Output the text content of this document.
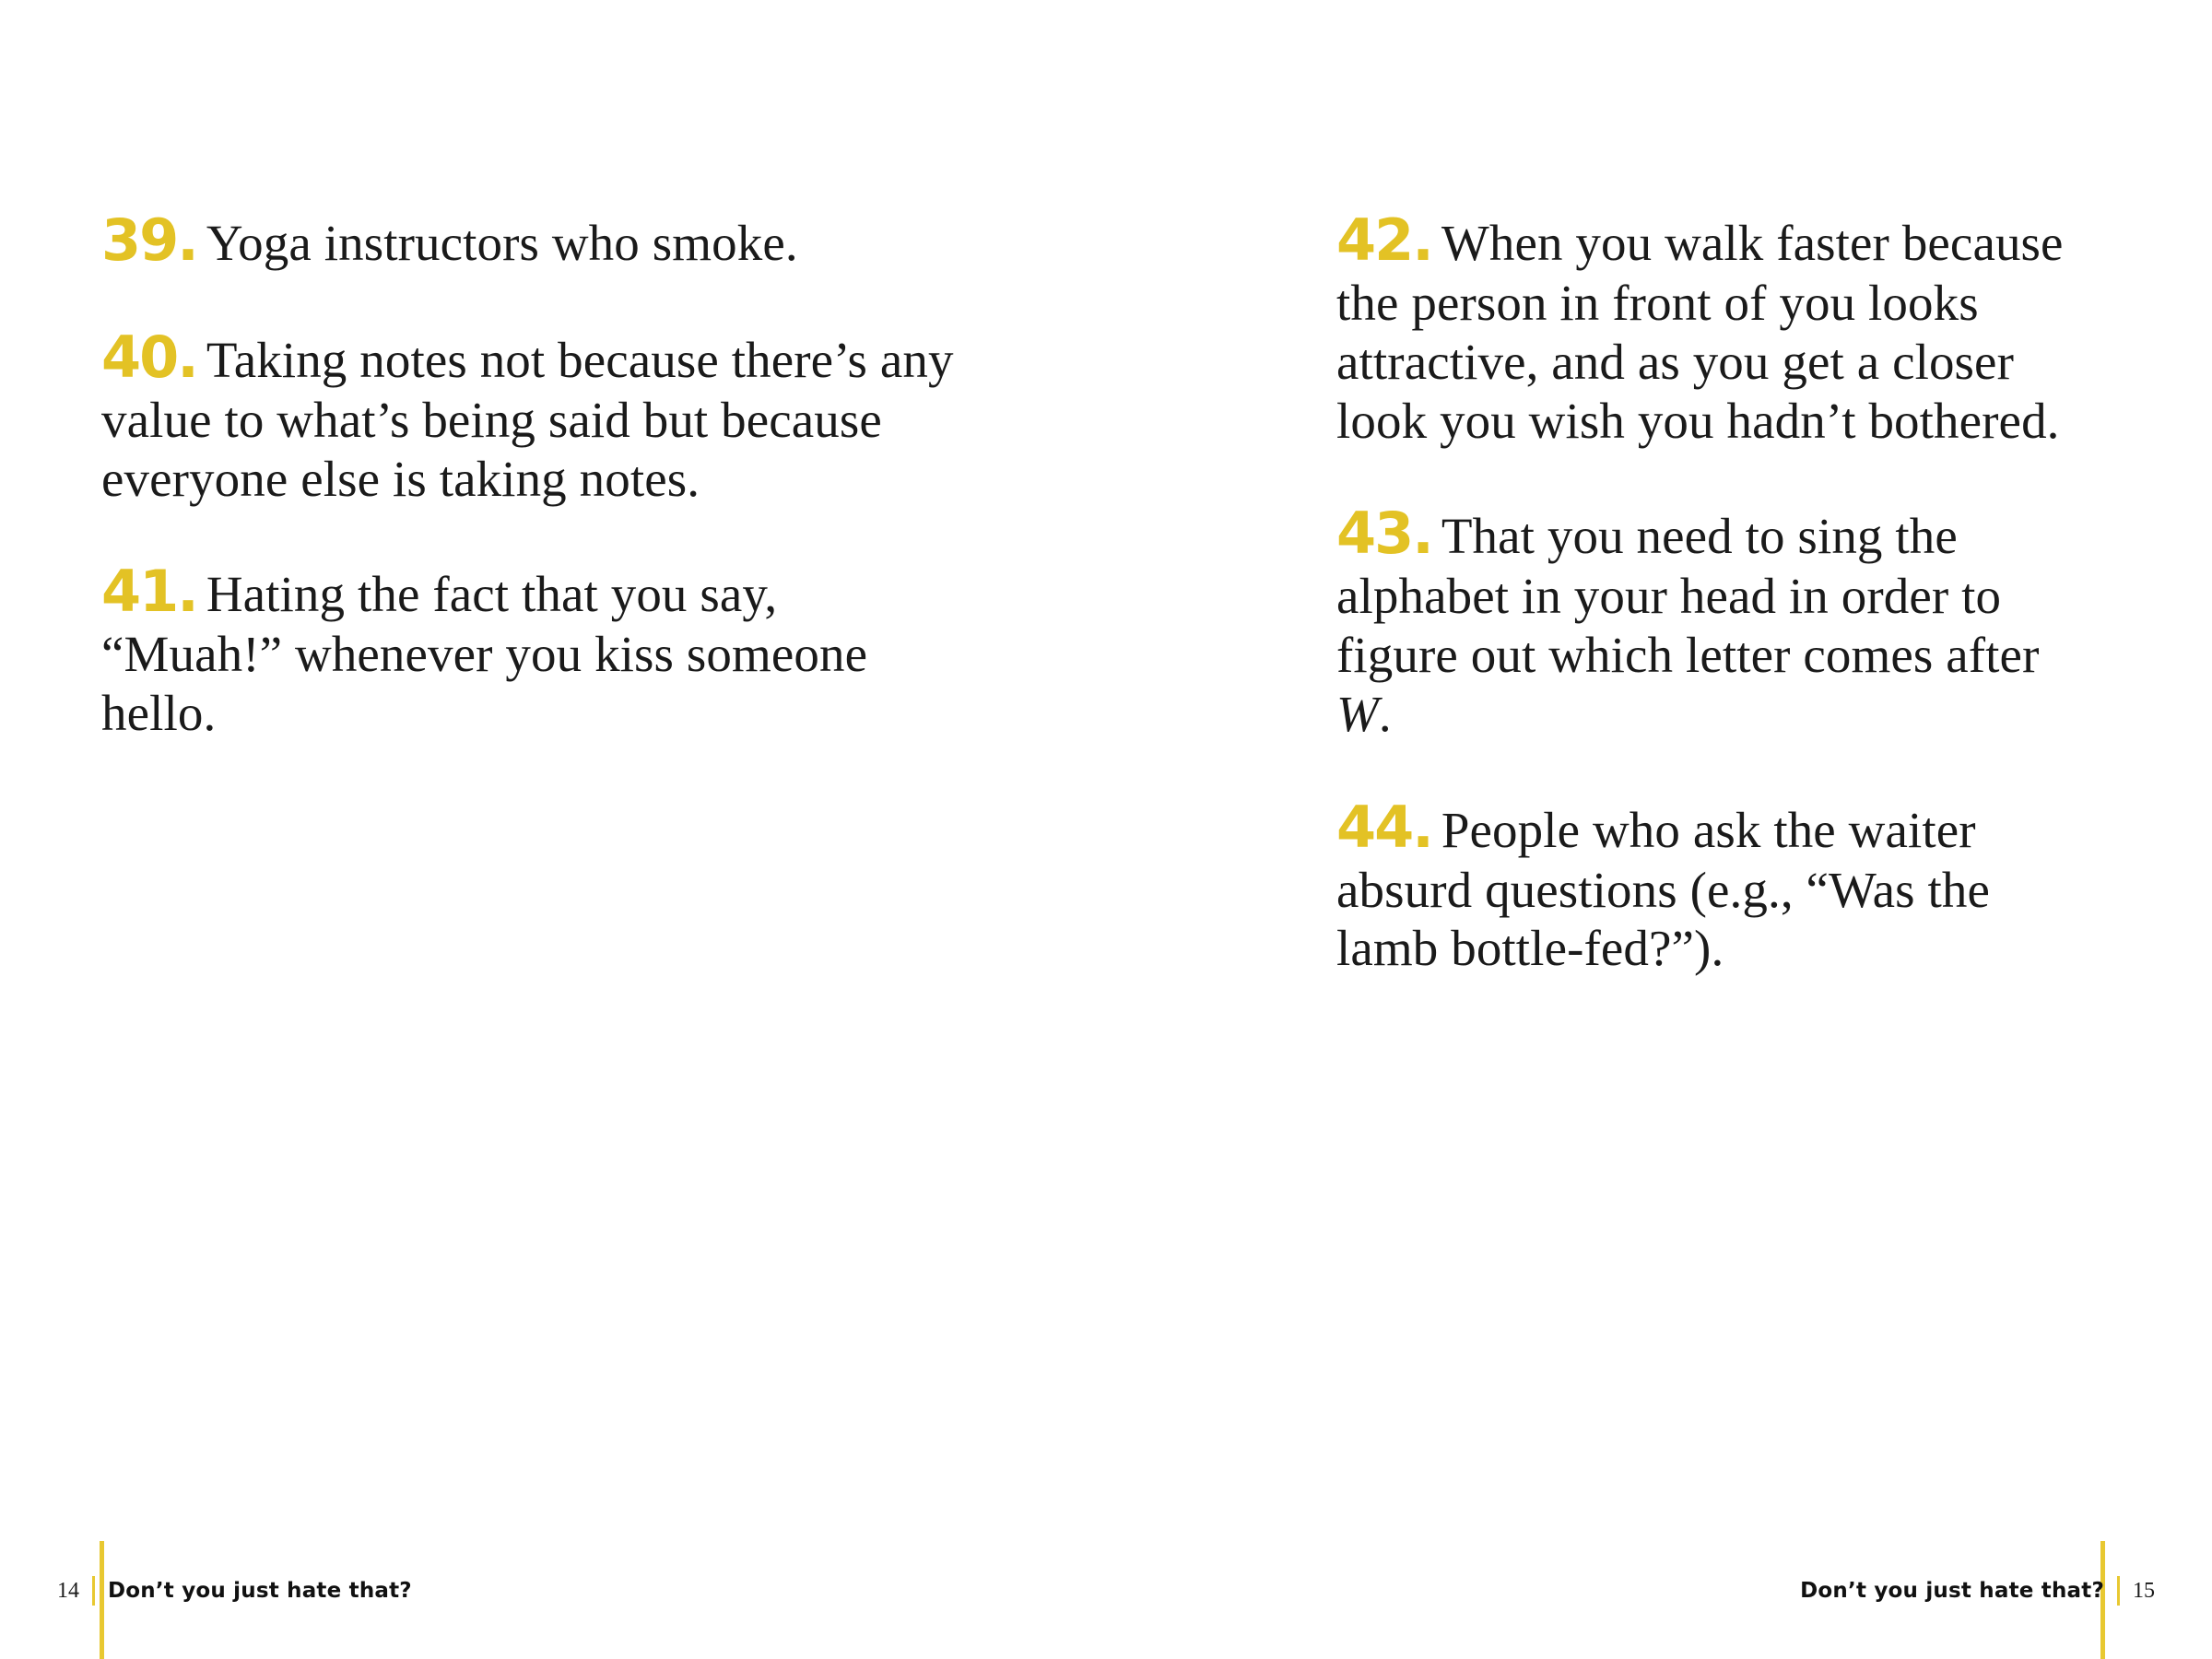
39. Yoga instructors who smoke.

40. Taking notes not because there’s any value to what’s being said but because everyone else is taking notes.

41. Hating the fact that you say, “Muah!” whenever you kiss someone hello.

14 Don’t you just hate that?

42. When you walk faster because the person in front of you looks attractive, and as you get a closer look you wish you hadn’t bothered.

43. That you need to sing the alphabet in your head in order to figure out which letter comes after W.

44. People who ask the waiter absurd questions (e.g., “Was the lamb bottle-fed?”).

Don’t you just hate that? 15
